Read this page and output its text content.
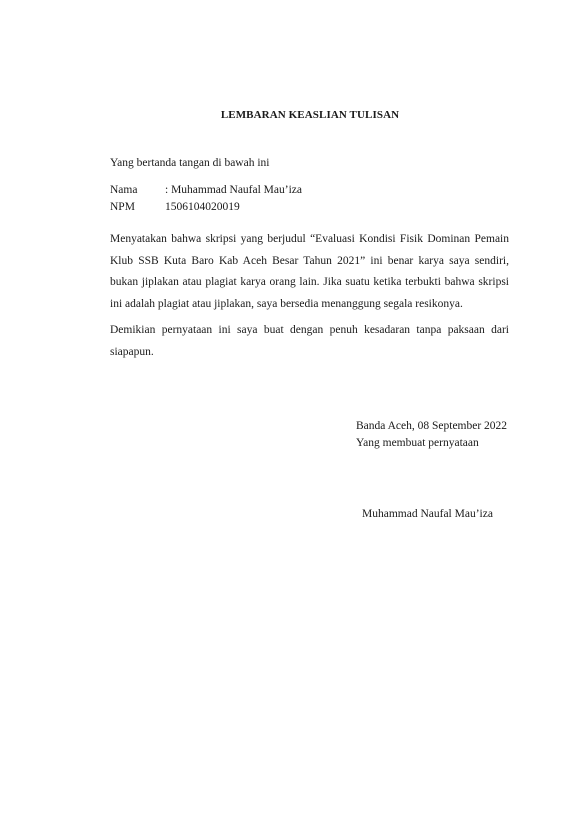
LEMBARAN KEASLIAN TULISAN
Yang bertanda tangan di bawah ini
Nama : Muhammad Naufal Mau’iza
NPM	1506104020019
Menyatakan bahwa skripsi yang berjudul “Evaluasi Kondisi Fisik Dominan Pemain Klub SSB Kuta Baro Kab Aceh Besar Tahun 2021” ini benar karya saya sendiri, bukan jiplakan atau plagiat karya orang lain. Jika suatu ketika terbukti bahwa skripsi ini adalah plagiat atau jiplakan, saya bersedia menanggung segala resikonya.
Demikian pernyataan ini saya buat dengan penuh kesadaran tanpa paksaan dari siapapun.
Banda Aceh, 08 September 2022
Yang membuat pernyataan
Muhammad Naufal Mau’iza
